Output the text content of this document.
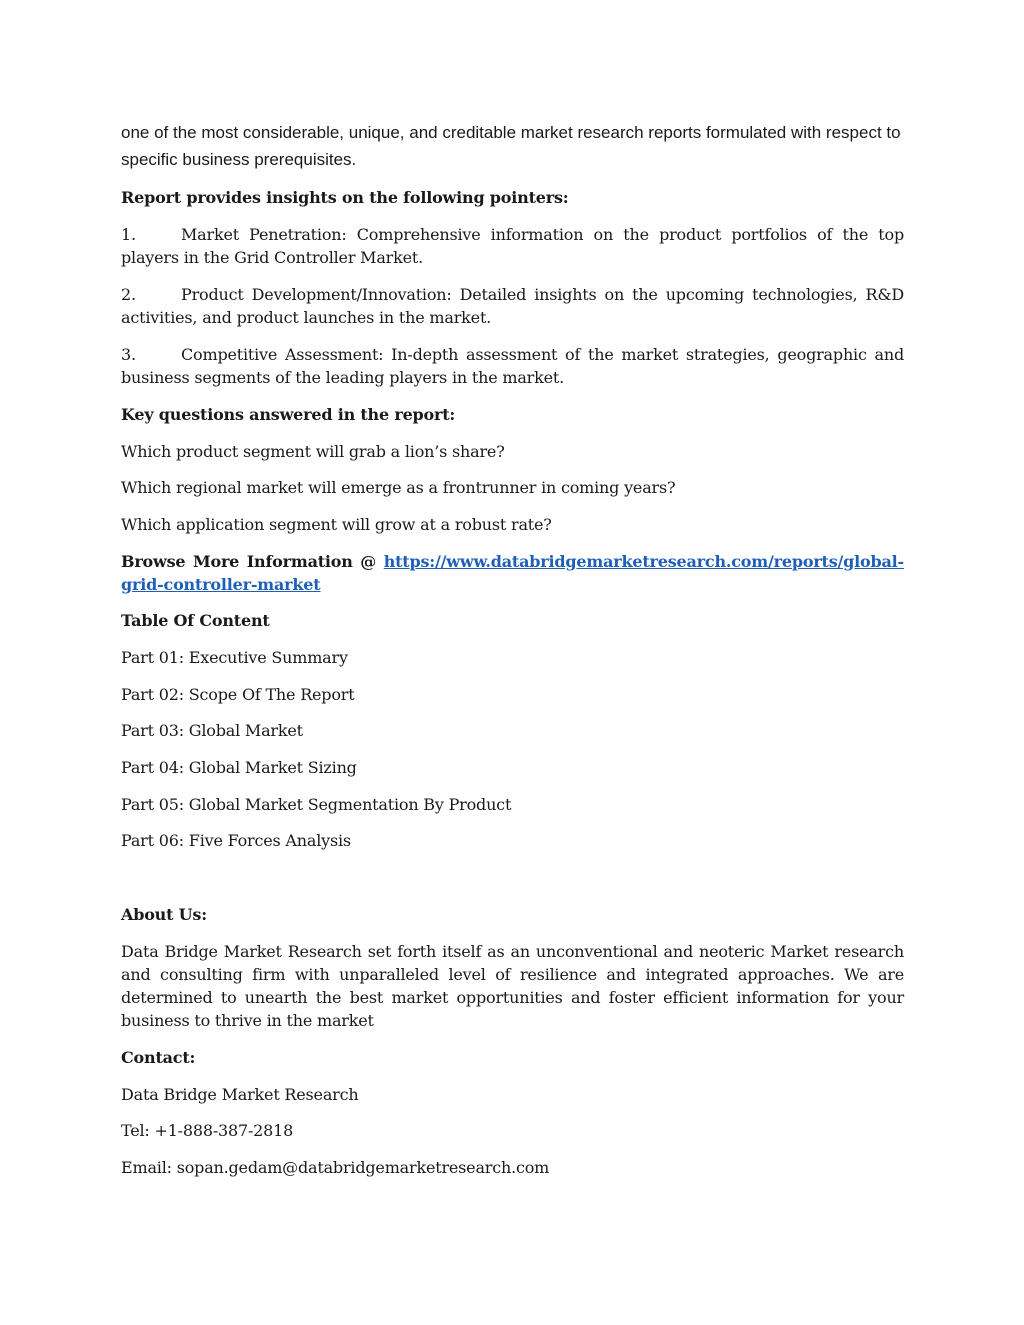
one of the most considerable, unique, and creditable market research reports formulated with respect to specific business prerequisites.

Report provides insights on the following pointers:

1.	Market Penetration: Comprehensive information on the product portfolios of the top players in the Grid Controller Market.

2.	Product Development/Innovation: Detailed insights on the upcoming technologies, R&D activities, and product launches in the market.

3.	Competitive Assessment: In-depth assessment of the market strategies, geographic and business segments of the leading players in the market.

Key questions answered in the report:

Which product segment will grab a lion’s share?

Which regional market will emerge as a frontrunner in coming years?

Which application segment will grow at a robust rate?

Browse More Information @ https://www.databridgemarketresearch.com/reports/global-grid-controller-market

Table Of Content

Part 01: Executive Summary

Part 02: Scope Of The Report

Part 03: Global Market

Part 04: Global Market Sizing

Part 05: Global Market Segmentation By Product

Part 06: Five Forces Analysis

About Us:

Data Bridge Market Research set forth itself as an unconventional and neoteric Market research and consulting firm with unparalleled level of resilience and integrated approaches. We are determined to unearth the best market opportunities and foster efficient information for your business to thrive in the market

Contact:

Data Bridge Market Research

Tel: +1-888-387-2818

Email: sopan.gedam@databridgemarketresearch.com
